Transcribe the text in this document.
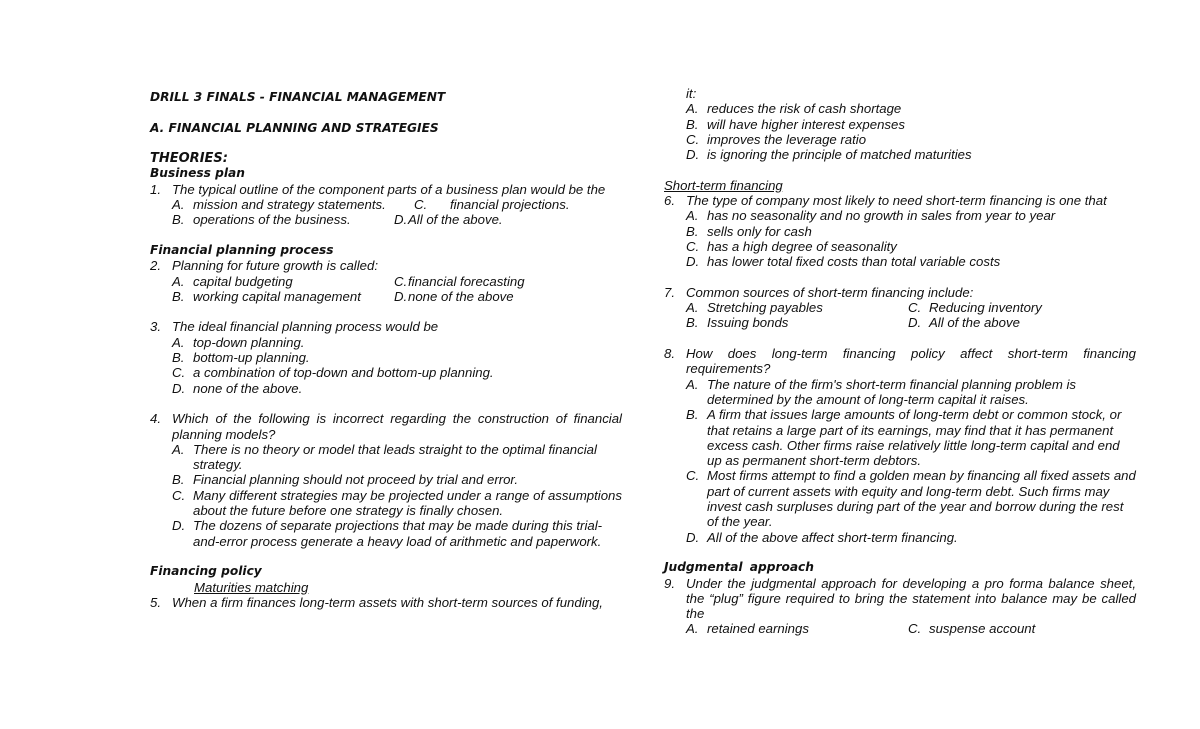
DRILL 3 FINALS - FINANCIAL MANAGEMENT
A. FINANCIAL PLANNING AND STRATEGIES
THEORIES:
Business plan
1. The typical outline of the component parts of a business plan would be the
A. mission and strategy statements. C.	financial projections.
B. operations of the business.	D. All of the above.
Financial planning process
2. Planning for future growth is called:
A. capital budgeting	C. financial forecasting
B. working capital management	D. none of the above
3. The ideal financial planning process would be
A. top-down planning.
B. bottom-up planning.
C. a combination of top-down and bottom-up planning.
D. none of the above.
4. Which of the following is incorrect regarding the construction of financial planning models?
A. There is no theory or model that leads straight to the optimal financial strategy.
B. Financial planning should not proceed by trial and error.
C. Many different strategies may be projected under a range of assumptions about the future before one strategy is finally chosen.
D. The dozens of separate projections that may be made during this trial-and-error process generate a heavy load of arithmetic and paperwork.
Financing policy
Maturities matching
5. When a firm finances long-term assets with short-term sources of funding,
it:
A. reduces the risk of cash shortage
B. will have higher interest expenses
C. improves the leverage ratio
D. is ignoring the principle of matched maturities
Short-term financing
6. The type of company most likely to need short-term financing is one that
A. has no seasonality and no growth in sales from year to year
B. sells only for cash
C. has a high degree of seasonality
D. has lower total fixed costs than total variable costs
7. Common sources of short-term financing include:
A. Stretching payables	C. Reducing inventory
B. Issuing bonds	D. All of the above
8. How does long-term financing policy affect short-term financing requirements?
A. The nature of the firm's short-term financial planning problem is determined by the amount of long-term capital it raises.
B. A firm that issues large amounts of long-term debt or common stock, or that retains a large part of its earnings, may find that it has permanent excess cash. Other firms raise relatively little long-term capital and end up as permanent short-term debtors.
C. Most firms attempt to find a golden mean by financing all fixed assets and part of current assets with equity and long-term debt. Such firms may invest cash surpluses during part of the year and borrow during the rest of the year.
D. All of the above affect short-term financing.
Judgmental approach
9. Under the judgmental approach for developing a pro forma balance sheet, the “plug” figure required to bring the statement into balance may be called the
A. retained earnings	C. suspense account
